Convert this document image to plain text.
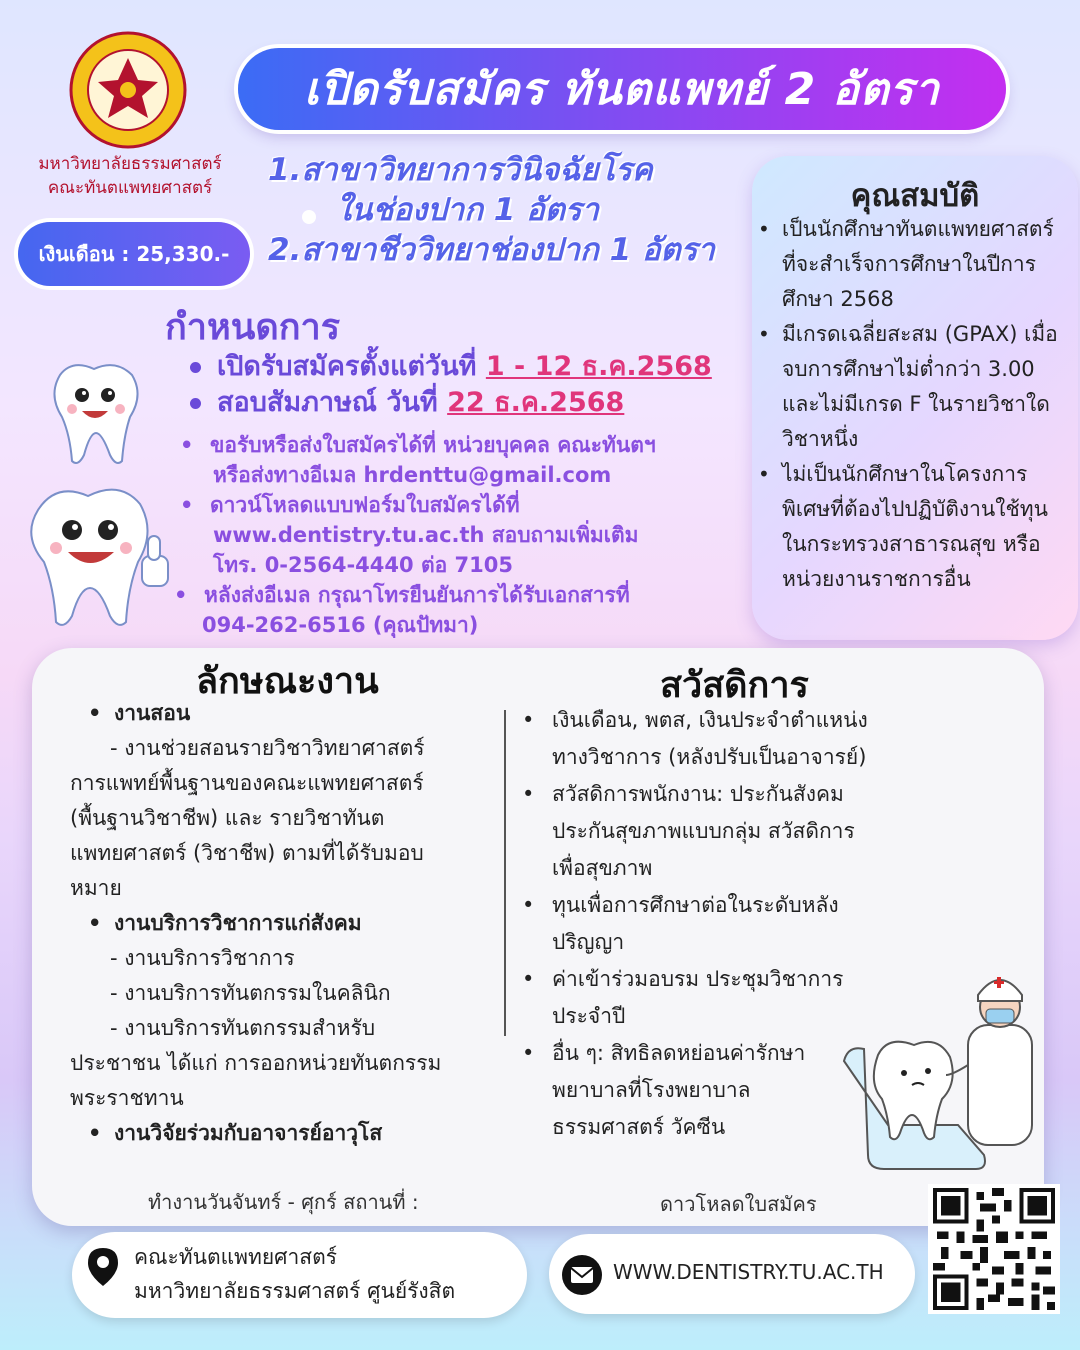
มหาวิทยาลัยธรรมศาสตร์
คณะทันตแพทยศาสตร์
เปิดรับสมัคร ทันตแพทย์ 2 อัตรา
1.สาขาวิทยาการวินิจฉัยโรค
ในช่องปาก 1 อัตรา
2.สาขาชีววิทยาช่องปาก 1 อัตรา
เงินเดือน : 25,330.-
กำหนดการ
เปิดรับสมัครตั้งแต่วันที่ 1 - 12 ธ.ค.2568
สอบสัมภาษณ์ วันที่ 22 ธ.ค.2568
• ขอรับหรือส่งใบสมัครได้ที่ หน่วยบุคคล คณะทันตฯ
หรือส่งทางอีเมล hrdenttu@gmail.com
• ดาวน์โหลดแบบฟอร์มใบสมัครได้ที่
www.dentistry.tu.ac.th สอบถามเพิ่มเติม
โทร. 0-2564-4440 ต่อ 7105
• หลังส่งอีเมล กรุณาโทรยืนยันการได้รับเอกสารที่
094-262-6516 (คุณปัทมา)
คุณสมบัติ
• เป็นนักศึกษาทันตแพทยศาสตร์
ที่จะสำเร็จการศึกษาในปีการ
ศึกษา 2568
• มีเกรดเฉลี่ยสะสม (GPAX) เมื่อ
จบการศึกษาไม่ต่ำกว่า 3.00
และไม่มีเกรด F ในรายวิชาใด
วิชาหนึ่ง
• ไม่เป็นนักศึกษาในโครงการ
พิเศษที่ต้องไปปฏิบัติงานใช้ทุน
ในกระทรวงสาธารณสุข หรือ
หน่วยงานราชการอื่น
ลักษณะงาน	สวัสดิการ
• งานสอน
- งานช่วยสอนรายวิชาวิทยาศาสตร์
การแพทย์พื้นฐานของคณะแพทยศาสตร์
(พื้นฐานวิชาชีพ) และ รายวิชาทันต
แพทยศาสตร์ (วิชาชีพ) ตามที่ได้รับมอบ
หมาย
• งานบริการวิชาการแก่สังคม
- งานบริการวิชาการ
- งานบริการทันตกรรมในคลินิก
- งานบริการทันตกรรมสำหรับ
ประชาชน ได้แก่ การออกหน่วยทันตกรรม
พระราชทาน
• งานวิจัยร่วมกับอาจารย์อาวุโส
• เงินเดือน, พตส, เงินประจำตำแหน่ง
ทางวิชาการ (หลังปรับเป็นอาจารย์)
• สวัสดิการพนักงาน: ประกันสังคม
ประกันสุขภาพแบบกลุ่ม สวัสดิการ
เพื่อสุขภาพ
• ทุนเพื่อการศึกษาต่อในระดับหลัง
ปริญญา
• ค่าเข้าร่วมอบรม ประชุมวิชาการ
ประจำปี
• อื่น ๆ: สิทธิลดหย่อนค่ารักษา
พยาบาลที่โรงพยาบาล
ธรรมศาสตร์ วัคซีน
ทำงานวันจันทร์ - ศุกร์ สถานที่ :	ดาวโหลดใบสมัคร
คณะทันตแพทยศาสตร์
มหาวิทยาลัยธรรมศาสตร์ ศูนย์รังสิต
WWW.DENTISTRY.TU.AC.TH
